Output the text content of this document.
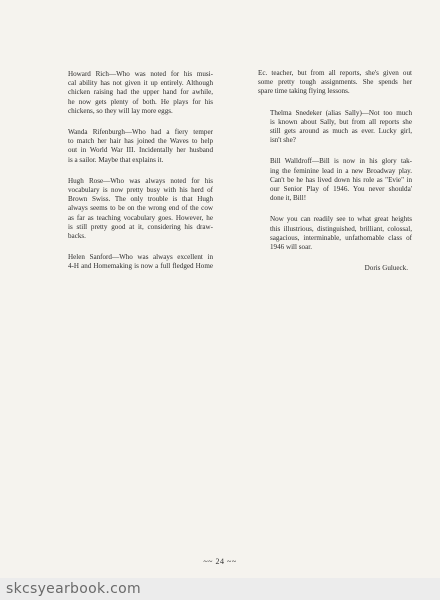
Howard Rich—Who was noted for his musi-
cal ability has not given it up entirely. Although
chicken raising had the upper hand for awhile,
he now gets plenty of both. He plays for his
chickens, so they will lay more eggs.
Wanda Rifenburgh—Who had a fiery temper
to match her hair has joined the Waves to help
out in World War III. Incidentally her husband
is a sailor. Maybe that explains it.
Hugh Rose—Who was always noted for his
vocabulary is now pretty busy with his herd of
Brown Swiss. The only trouble is that Hugh
always seems to be on the wrong end of the cow
as far as teaching vocabulary goes. However, he
is still pretty good at it, considering his draw-
backs.
Helen Sanford—Who was always excellent in
4-H and Homemaking is now a full fledged Home
Ec. teacher, but from all reports, she's given out
some pretty tough assignments. She spends her
spare time taking flying lessons.
Thelma Snedeker (alias Sally)—Not too much
is known about Sally, but from all reports she
still gets around as much as ever. Lucky girl,
isn't she?
Bill Walldroff—Bill is now in his glory tak-
ing the feminine lead in a new Broadway play.
Can't be he has lived down his role as "Evie" in
our Senior Play of 1946. You never shoulda'
done it, Bill!
Now you can readily see to what great heights
this illustrious, distinguished, brilliant, colossal,
sagacious, interminable, unfathomable class of
1946 will soar.
Doris Gulueck.
~~ 24 ~~
skcsyearbook.com
